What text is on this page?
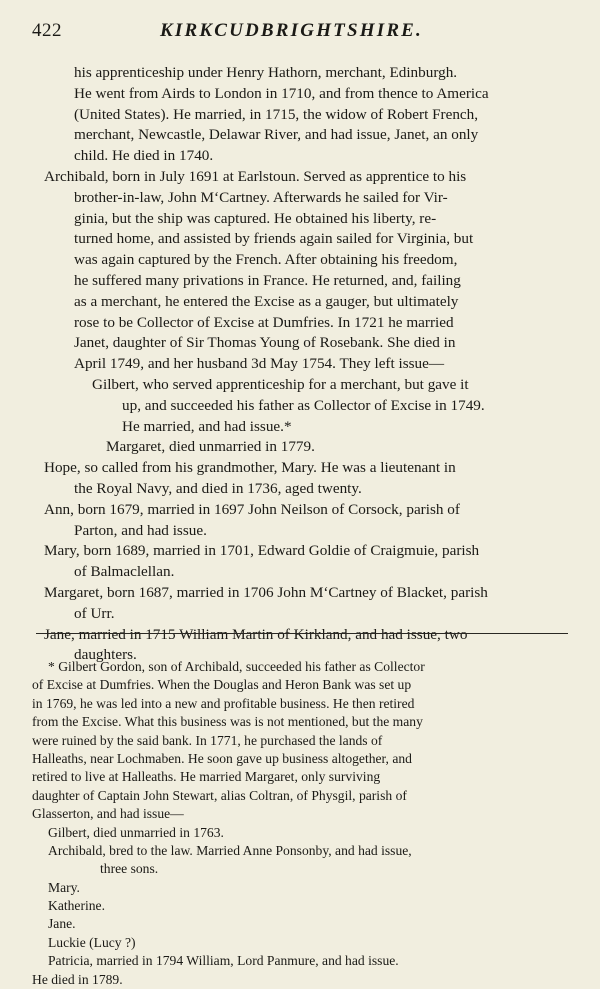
422	KIRKCUDBRIGHTSHIRE.
his apprenticeship under Henry Hathorn, merchant, Edinburgh.
He went from Airds to London in 1710, and from thence to America
(United States). He married, in 1715, the widow of Robert French,
merchant, Newcastle, Delawar River, and had issue, Janet, an only
child. He died in 1740.
Archibald, born in July 1691 at Earlstoun. Served as apprentice to his
brother-in-law, John M‘Cartney. Afterwards he sailed for Vir-
ginia, but the ship was captured. He obtained his liberty, re-
turned home, and assisted by friends again sailed for Virginia, but
was again captured by the French. After obtaining his freedom,
he suffered many privations in France. He returned, and, failing
as a merchant, he entered the Excise as a gauger, but ultimately
rose to be Collector of Excise at Dumfries. In 1721 he married
Janet, daughter of Sir Thomas Young of Rosebank. She died in
April 1749, and her husband 3d May 1754. They left issue—
Gilbert, who served apprenticeship for a merchant, but gave it
up, and succeeded his father as Collector of Excise in 1749.
He married, and had issue.*
Margaret, died unmarried in 1779.
Hope, so called from his grandmother, Mary. He was a lieutenant in
the Royal Navy, and died in 1736, aged twenty.
Ann, born 1679, married in 1697 John Neilson of Corsock, parish of
Parton, and had issue.
Mary, born 1689, married in 1701, Edward Goldie of Craigmuie, parish
of Balmaclellan.
Margaret, born 1687, married in 1706 John M‘Cartney of Blacket, parish
of Urr.
Jane, married in 1715 William Martin of Kirkland, and had issue, two
daughters.
* Gilbert Gordon, son of Archibald, succeeded his father as Collector
of Excise at Dumfries. When the Douglas and Heron Bank was set up
in 1769, he was led into a new and profitable business. He then retired
from the Excise. What this business was is not mentioned, but the many
were ruined by the said bank. In 1771, he purchased the lands of
Halleaths, near Lochmaben. He soon gave up business altogether, and
retired to live at Halleaths. He married Margaret, only surviving
daughter of Captain John Stewart, alias Coltran, of Physgil, parish of
Glasserton, and had issue—
Gilbert, died unmarried in 1763.
Archibald, bred to the law. Married Anne Ponsonby, and had issue,
three sons.
Mary.
Katherine.
Jane.
Luckie (Lucy ?)
Patricia, married in 1794 William, Lord Panmure, and had issue.
He died in 1789.
